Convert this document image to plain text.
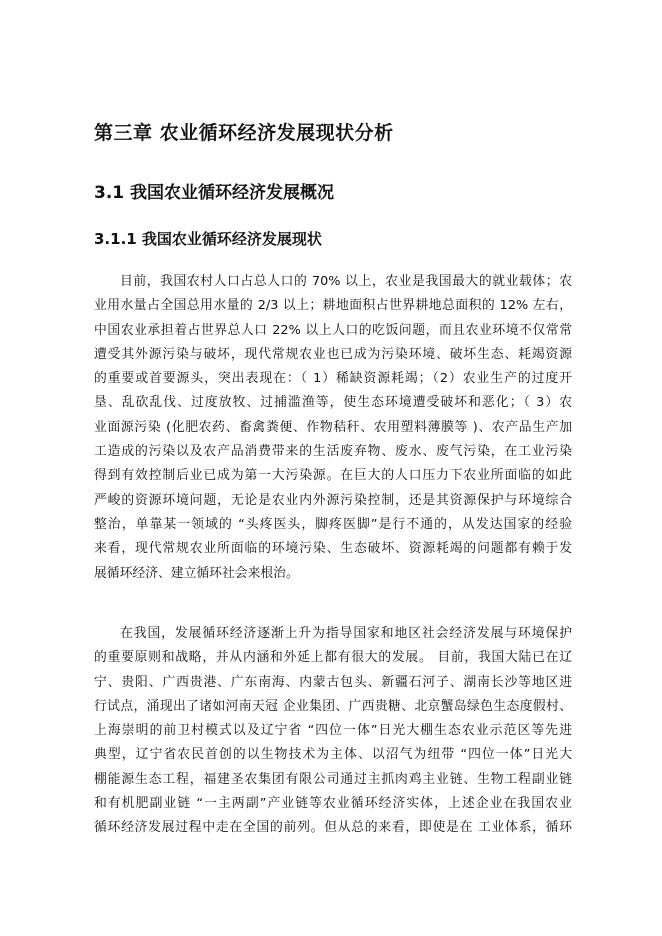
第三章 农业循环经济发展现状分析
3.1 我国农业循环经济发展概况
3.1.1 我国农业循环经济发展现状
目前，我国农村人口占总人口的 70% 以上，农业是我国最大的就业载体；农
业用水量占全国总用水量的 2/3 以上；耕地面积占世界耕地总面积的 12% 左右，
中国农业承担着占世界总人口 22% 以上人口的吃饭问题，而且农业环境不仅常常
遭受其外源污染与破坏，现代常规农业也已成为污染环境、破坏生态、耗竭资源
的重要或首要源头，突出表现在：（ 1）稀缺资源耗竭；（2）农业生产的过度开
垦、乱砍乱伐、过度放牧、过捕滥渔等，使生态环境遭受破坏和恶化；（ 3）农
业面源污染 (化肥农药、畜禽粪便、作物秸秆、农用塑料薄膜等 )、农产品生产加
工造成的污染以及农产品消费带来的生活废弃物、废水、废气污染，在工业污染
得到有效控制后业已成为第一大污染源。在巨大的人口压力下农业所面临的如此
严峻的资源环境问题，无论是农业内外源污染控制，还是其资源保护与环境综合
整治，单靠某一领域的 “头疼医头，脚疼医脚”是行不通的，从发达国家的经验
来看，现代常规农业所面临的环境污染、生态破坏、资源耗竭的问题都有赖于发
展循环经济、建立循环社会来根治。
在我国，发展循环经济逐渐上升为指导国家和地区社会经济发展与环境保护
的重要原则和战略，并从内涵和外延上都有很大的发展。 目前，我国大陆已在辽
宁、贵阳、广西贵港、广东南海、内蒙古包头、新疆石河子、湖南长沙等地区进
行试点，涌现出了诸如河南天冠 企业集团、广西贵糖、北京蟹岛绿色生态度假村、
上海崇明的前卫村模式以及辽宁省 “四位一体”日光大棚生态农业示范区等先进
典型，辽宁省农民首创的以生物技术为主体、以沼气为纽带 “四位一体”日光大
棚能源生态工程，福建圣农集团有限公司通过主抓肉鸡主业链、生物工程副业链
和有机肥副业链 “一主两副”产业链等农业循环经济实体，上述企业在我国农业
循环经济发展过程中走在全国的前列。但从总的来看，即使是在 工业体系，循环
